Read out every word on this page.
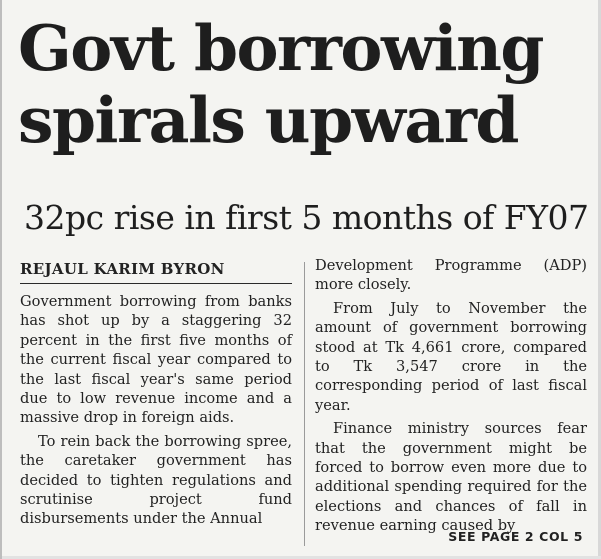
Govt borrowing spirals upward
32pc rise in first 5 months of FY07
REJAUL KARIM BYRON

Government borrowing from banks has shot up by a staggering 32 percent in the first five months of the current fiscal year compared to the last fiscal year's same period due to low revenue income and a massive drop in foreign aids.

To rein back the borrowing spree, the caretaker government has decided to tighten regulations and scrutinise project fund disbursements under the Annual

Development Programme (ADP) more closely.

From July to November the amount of government borrowing stood at Tk 4,661 crore, compared to Tk 3,547 crore in the corresponding period of last fiscal year.

Finance ministry sources fear that the government might be forced to borrow even more due to additional spending required for the elections and chances of fall in revenue earning caused by

SEE PAGE 2 COL 5
